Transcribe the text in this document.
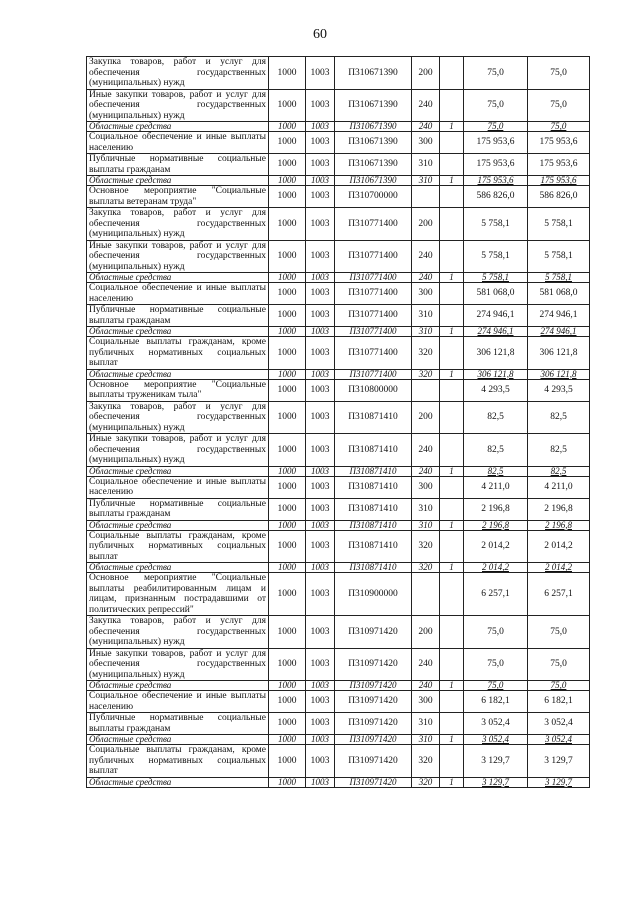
60
Закупка товаров, работ и услуг для обеспечения государственных (муниципальных) нужд	1000	1003	П310671390	200		75,0	75,0
Иные закупки товаров, работ и услуг для обеспечения государственных (муниципальных) нужд	1000	1003	П310671390	240		75,0	75,0
Областные средства	1000	1003	П310671390	240	1	75,0	75,0
Социальное обеспечение и иные выплаты населению	1000	1003	П310671390	300		175 953,6	175 953,6
Публичные нормативные социальные выплаты гражданам	1000	1003	П310671390	310		175 953,6	175 953,6
Областные средства	1000	1003	П310671390	310	1	175 953,6	175 953,6
Основное мероприятие "Социальные выплаты ветеранам труда"	1000	1003	П310700000			586 826,0	586 826,0
Закупка товаров, работ и услуг для обеспечения государственных (муниципальных) нужд	1000	1003	П310771400	200		5 758,1	5 758,1
Иные закупки товаров, работ и услуг для обеспечения государственных (муниципальных) нужд	1000	1003	П310771400	240		5 758,1	5 758,1
Областные средства	1000	1003	П310771400	240	1	5 758,1	5 758,1
Социальное обеспечение и иные выплаты населению	1000	1003	П310771400	300		581 068,0	581 068,0
Публичные нормативные социальные выплаты гражданам	1000	1003	П310771400	310		274 946,1	274 946,1
Областные средства	1000	1003	П310771400	310	1	274 946,1	274 946,1
Социальные выплаты гражданам, кроме публичных нормативных социальных выплат	1000	1003	П310771400	320		306 121,8	306 121,8
Областные средства	1000	1003	П310771400	320	1	306 121,8	306 121,8
Основное мероприятие "Социальные выплаты труженикам тыла"	1000	1003	П310800000			4 293,5	4 293,5
Закупка товаров, работ и услуг для обеспечения государственных (муниципальных) нужд	1000	1003	П310871410	200		82,5	82,5
Иные закупки товаров, работ и услуг для обеспечения государственных (муниципальных) нужд	1000	1003	П310871410	240		82,5	82,5
Областные средства	1000	1003	П310871410	240	1	82,5	82,5
Социальное обеспечение и иные выплаты населению	1000	1003	П310871410	300		4 211,0	4 211,0
Публичные нормативные социальные выплаты гражданам	1000	1003	П310871410	310		2 196,8	2 196,8
Областные средства	1000	1003	П310871410	310	1	2 196,8	2 196,8
Социальные выплаты гражданам, кроме публичных нормативных социальных выплат	1000	1003	П310871410	320		2 014,2	2 014,2
Областные средства	1000	1003	П310871410	320	1	2 014,2	2 014,2
Основное мероприятие "Социальные выплаты реабилитированным лицам и лицам, признанным пострадавшими от политических репрессий"	1000	1003	П310900000			6 257,1	6 257,1
Закупка товаров, работ и услуг для обеспечения государственных (муниципальных) нужд	1000	1003	П310971420	200		75,0	75,0
Иные закупки товаров, работ и услуг для обеспечения государственных (муниципальных) нужд	1000	1003	П310971420	240		75,0	75,0
Областные средства	1000	1003	П310971420	240	1	75,0	75,0
Социальное обеспечение и иные выплаты населению	1000	1003	П310971420	300		6 182,1	6 182,1
Публичные нормативные социальные выплаты гражданам	1000	1003	П310971420	310		3 052,4	3 052,4
Областные средства	1000	1003	П310971420	310	1	3 052,4	3 052,4
Социальные выплаты гражданам, кроме публичных нормативных социальных выплат	1000	1003	П310971420	320		3 129,7	3 129,7
Областные средства	1000	1003	П310971420	320	1	3 129,7	3 129,7
